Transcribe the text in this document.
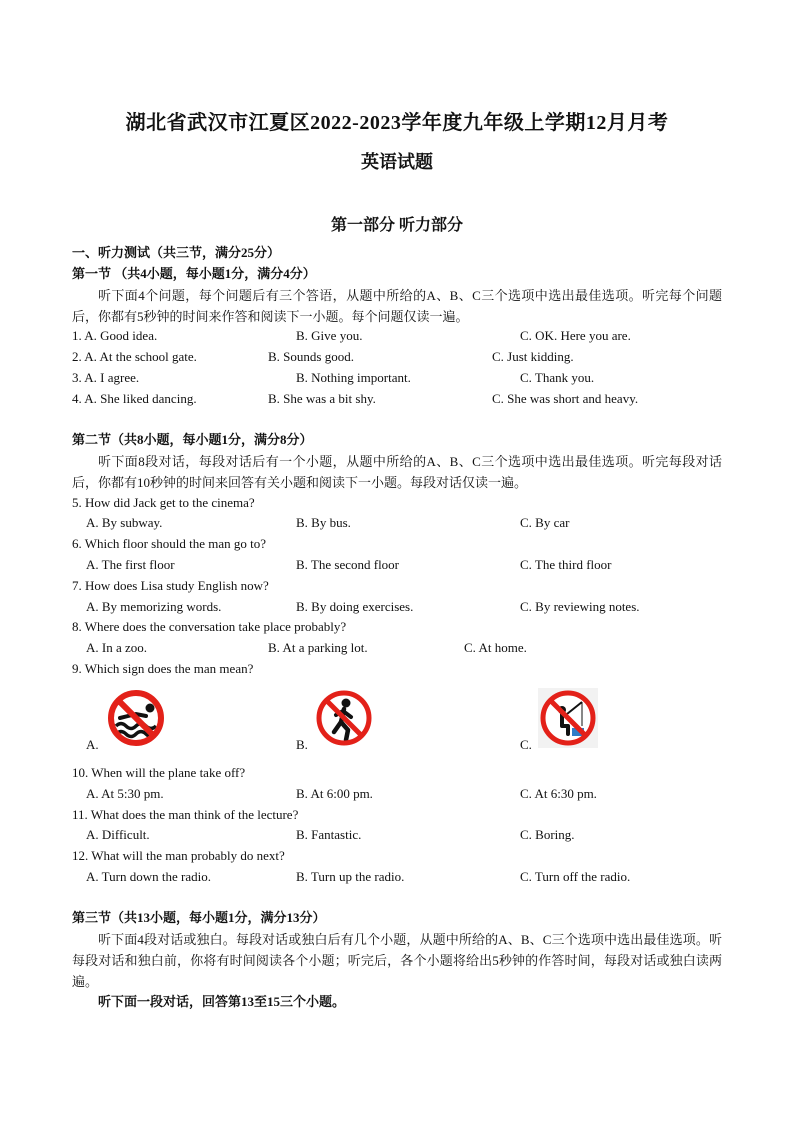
湖北省武汉市江夏区2022-2023学年度九年级上学期12月月考
英语试题
第一部分 听力部分
一、听力测试（共三节，满分25分）
第一节 （共4小题，每小题1分，满分4分）
听下面4个问题，每个问题后有三个答语，从题中所给的A、B、C三个选项中选出最佳选项。听完每个问题后，你都有5秒钟的时间来作答和阅读下一小题。每个问题仅读一遍。
1. A. Good idea.	B. Give you.	C. OK. Here you are.
2. A. At the school gate.	B. Sounds good.	C. Just kidding.
3. A. I agree.	B. Nothing important.	C. Thank you.
4. A. She liked dancing.	B. She was a bit shy.	C. She was short and heavy.
第二节（共8小题，每小题1分，满分8分）
听下面8段对话，每段对话后有一个小题，从题中所给的A、B、C三个选项中选出最佳选项。听完每段对话后，你都有10秒钟的时间来回答有关小题和阅读下一小题。每段对话仅读一遍。
5. How did Jack get to the cinema?
A. By subway.	B. By bus.	C. By car
6. Which floor should the man go to?
A. The first floor	B. The second floor	C. The third floor
7. How does Lisa study English now?
A. By memorizing words.	B. By doing exercises.	C. By reviewing notes.
8. Where does the conversation take place probably?
A. In a zoo.	B. At a parking lot.	C. At home.
9. Which sign does the man mean?
A.	B.	C.
10. When will the plane take off?
A. At 5:30 pm.	B. At 6:00 pm.	C. At 6:30 pm.
11. What does the man think of the lecture?
A. Difficult.	B. Fantastic.	C. Boring.
12. What will the man probably do next?
A. Turn down the radio.	B. Turn up the radio.	C. Turn off the radio.
第三节（共13小题，每小题1分，满分13分）
听下面4段对话或独白。每段对话或独白后有几个小题，从题中所给的A、B、C三个选项中选出最佳选项。听每段对话和独白前，你将有时间阅读各个小题；听完后，各个小题将给出5秒钟的作答时间，每段对话或独白读两遍。
听下面一段对话，回答第13至15三个小题。
